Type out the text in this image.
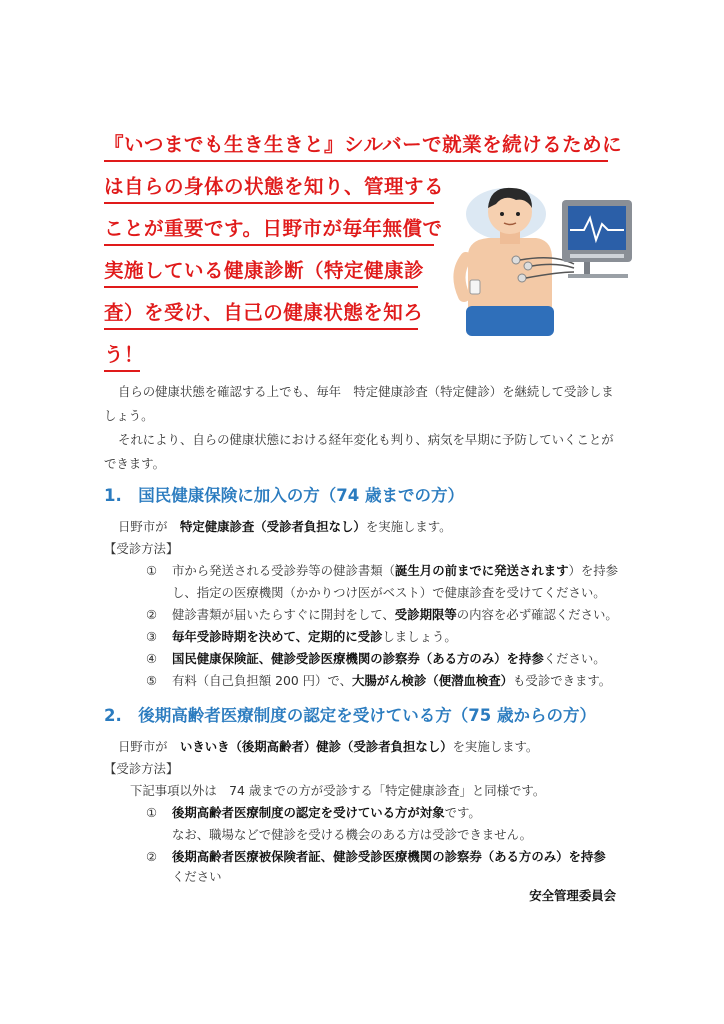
『いつまでも生き生きと』シルバーで就業を続けるために
は自らの身体の状態を知り、管理する
ことが重要です。日野市が毎年無償で
実施している健康診断（特定健康診
査）を受け、自己の健康状態を知ろ
う！
自らの健康状態を確認する上でも、毎年　特定健康診査（特定健診）を継続して受診しましょう。
それにより、自らの健康状態における経年変化も判り、病気を早期に予防していくことができます。
1.　国民健康保険に加入の方（74 歳までの方）
日野市が　特定健康診査（受診者負担なし）を実施します。
【受診方法】
① 市から発送される受診券等の健診書類（誕生月の前までに発送されます）を持参
し、指定の医療機関（かかりつけ医がベスト）で健康診査を受けてください。
② 健診書類が届いたらすぐに開封をして、受診期限等の内容を必ず確認ください。
③ 毎年受診時期を決めて、定期的に受診しましょう。
④ 国民健康保険証、健診受診医療機関の診察券（ある方のみ）を持参ください。
⑤ 有料（自己負担額 200 円）で、大腸がん検診（便潜血検査）も受診できます。
2.　後期高齢者医療制度の認定を受けている方（75 歳からの方）
日野市が　いきいき（後期高齢者）健診（受診者負担なし）を実施します。
【受診方法】
下記事項以外は　74 歳までの方が受診する「特定健康診査」と同様です。
① 後期高齢者医療制度の認定を受けている方が対象です。
なお、職場などで健診を受ける機会のある方は受診できません。
② 後期高齢者医療被保険者証、健診受診医療機関の診察券（ある方のみ）を持参
ください
安全管理委員会
